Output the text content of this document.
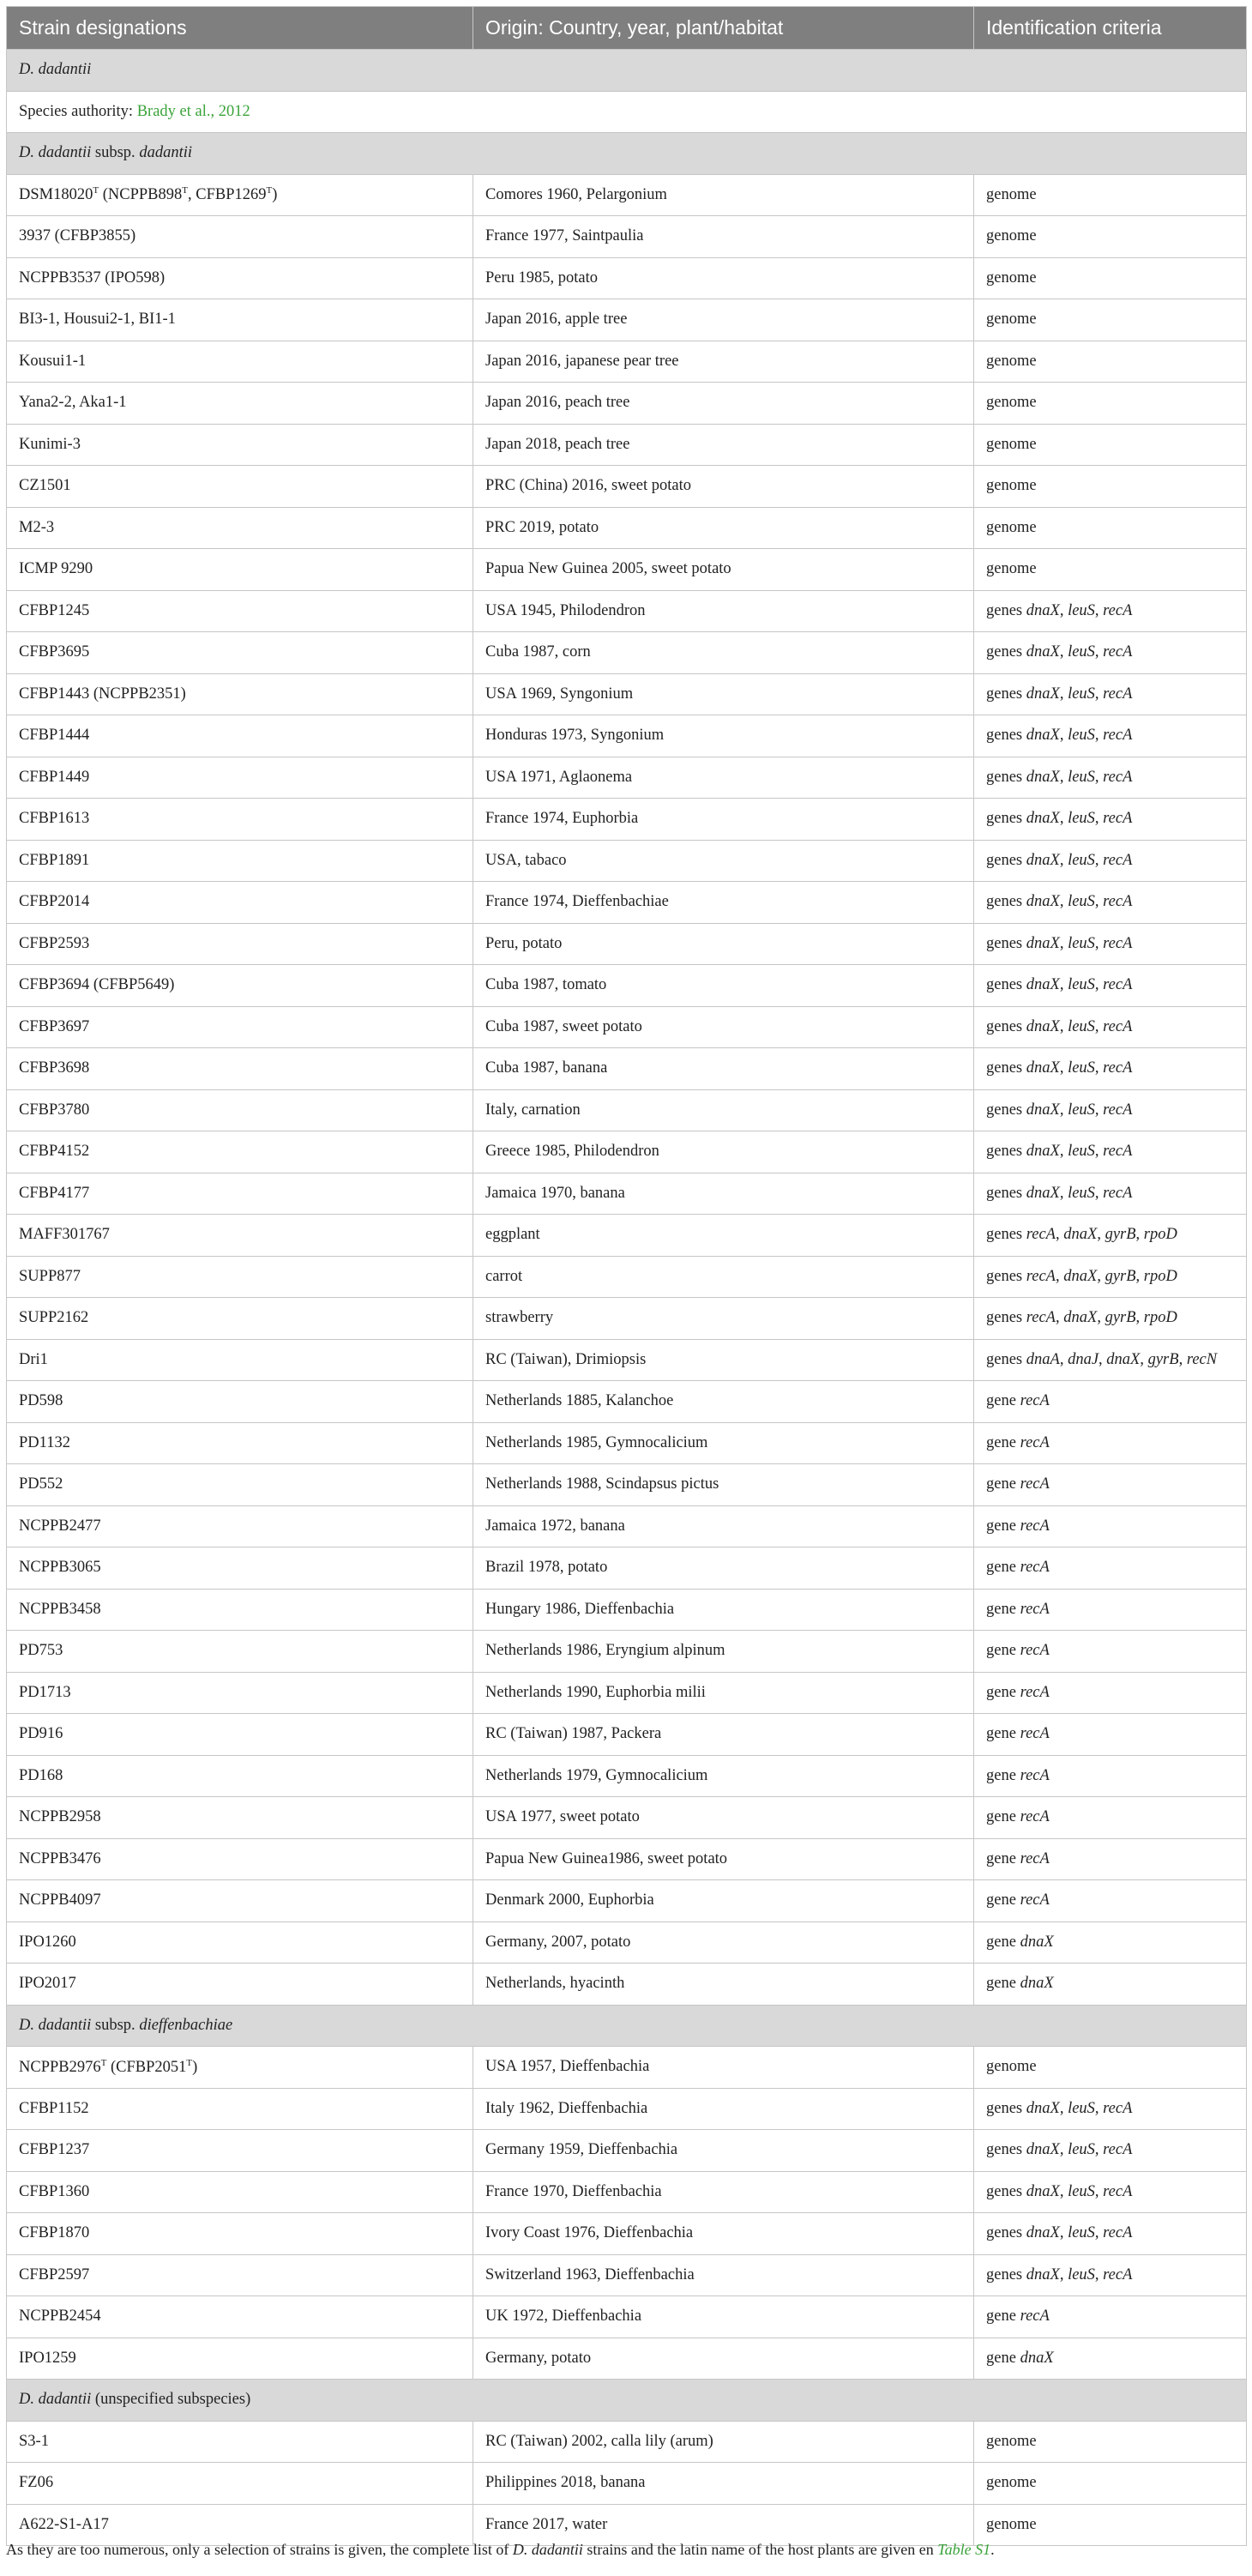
Strain designations	Origin: Country, year, plant/habitat	Identification criteria
D. dadantii		
Species authority: Brady et al., 2012		
D. dadantii subsp. dadantii		
$DSM18020^T$ ($NCPPB898^T$, $CFBP1269^T$)	Comores 1960, Pelargonium	genome
3937 (CFBP3855)	France 1977, Saintpaulia	genome
NCPPB3537 (IPO598)	Peru 1985, potato	genome
BI3-1, Housui2-1, BI1-1	Japan 2016, apple tree	genome
Kousui1-1	Japan 2016, japanese pear tree	genome
Yana2-2, Aka1-1	Japan 2016, peach tree	genome
Kunimi-3	Japan 2018, peach tree	genome
CZ1501	PRC (China) 2016, sweet potato	genome
M2-3	PRC 2019, potato	genome
ICMP 9290	Papua New Guinea 2005, sweet potato	genome
CFBP1245	USA 1945, Philodendron	genes dnaX, leuS, recA
CFBP3695	Cuba 1987, corn	genes dnaX, leuS, recA
CFBP1443 (NCPPB2351)	USA 1969, Syngonium	genes dnaX, leuS, recA
CFBP1444	Honduras 1973, Syngonium	genes dnaX, leuS, recA
CFBP1449	USA 1971, Aglaonema	genes dnaX, leuS, recA
CFBP1613	France 1974, Euphorbia	genes dnaX, leuS, recA
CFBP1891	USA, tabaco	genes dnaX, leuS, recA
CFBP2014	France 1974, Dieffenbachiae	genes dnaX, leuS, recA
CFBP2593	Peru, potato	genes dnaX, leuS, recA
CFBP3694 (CFBP5649)	Cuba 1987, tomato	genes dnaX, leuS, recA
CFBP3697	Cuba 1987, sweet potato	genes dnaX, leuS, recA
CFBP3698	Cuba 1987, banana	genes dnaX, leuS, recA
CFBP3780	Italy, carnation	genes dnaX, leuS, recA
CFBP4152	Greece 1985, Philodendron	genes dnaX, leuS, recA
CFBP4177	Jamaica 1970, banana	genes dnaX, leuS, recA
MAFF301767	eggplant	genes recA, dnaX, gyrB, rpoD
SUPP877	carrot	genes recA, dnaX, gyrB, rpoD
SUPP2162	strawberry	genes recA, dnaX, gyrB, rpoD
Dri1	RC (Taiwan), Drimiopsis	genes dnaA, dnaJ, dnaX, gyrB, recN
PD598	Netherlands 1885, Kalanchoe	gene recA
PD1132	Netherlands 1985, Gymnocalicium	gene recA
PD552	Netherlands 1988, Scindapsus pictus	gene recA
NCPPB2477	Jamaica 1972, banana	gene recA
NCPPB3065	Brazil 1978, potato	gene recA
NCPPB3458	Hungary 1986, Dieffenbachia	gene recA
PD753	Netherlands 1986, Eryngium alpinum	gene recA
PD1713	Netherlands 1990, Euphorbia milii	gene recA
PD916	RC (Taiwan) 1987, Packera	gene recA
PD168	Netherlands 1979, Gymnocalicium	gene recA
NCPPB2958	USA 1977, sweet potato	gene recA
NCPPB3476	Papua New Guinea1986, sweet potato	gene recA
NCPPB4097	Denmark 2000, Euphorbia	gene recA
IPO1260	Germany, 2007, potato	gene dnaX
IPO2017	Netherlands, hyacinth	gene dnaX
D. dadantii subsp. dieffenbachiae		
$NCPPB2976^T$ $(CFBP2051^T)$	USA 1957, Dieffenbachia	genome
CFBP1152	Italy 1962, Dieffenbachia	genes dnaX, leuS, recA
CFBP1237	Germany 1959, Dieffenbachia	genes dnaX, leuS, recA
CFBP1360	France 1970, Dieffenbachia	genes dnaX, leuS, recA
CFBP1870	Ivory Coast 1976, Dieffenbachia	genes dnaX, leuS, recA
CFBP2597	Switzerland 1963, Dieffenbachia	genes dnaX, leuS, recA
NCPPB2454	UK 1972, Dieffenbachia	gene recA
IPO1259	Germany, potato	gene dnaX
D. dadantii (unspecified subspecies)		
S3-1	RC (Taiwan) 2002, calla lily (arum)	genome
FZ06	Philippines 2018, banana	genome
A622-S1-A17	France 2017, water	genome
As they are too numerous, only a selection of strains is given, the complete list of D. dadantii strains and the latin name of the host plants are given en Table S1.
